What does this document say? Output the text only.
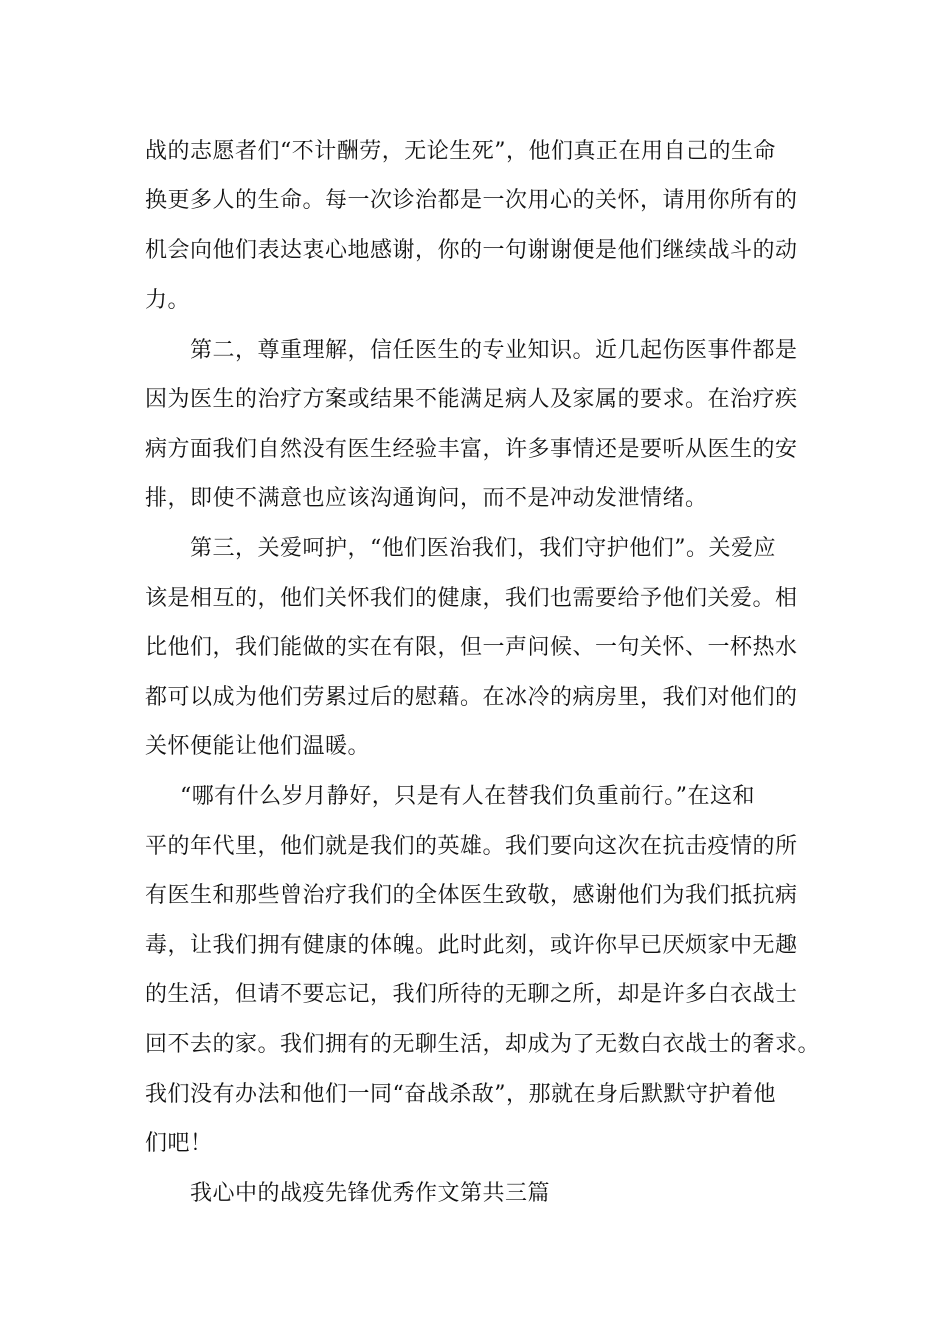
战的志愿者们“不计酬劳，无论生死”，他们真正在用自己的生命
换更多人的生命。每一次诊治都是一次用心的关怀，请用你所有的
机会向他们表达衷心地感谢，你的一句谢谢便是他们继续战斗的动
力。
第二，尊重理解，信任医生的专业知识。近几起伤医事件都是
因为医生的治疗方案或结果不能满足病人及家属的要求。在治疗疾
病方面我们自然没有医生经验丰富，许多事情还是要听从医生的安
排，即使不满意也应该沟通询问，而不是冲动发泄情绪。
第三，关爱呵护，“他们医治我们，我们守护他们”。关爱应
该是相互的，他们关怀我们的健康，我们也需要给予他们关爱。相
比他们，我们能做的实在有限，但一声问候、一句关怀、一杯热水
都可以成为他们劳累过后的慰藉。在冰冷的病房里，我们对他们的
关怀便能让他们温暖。
“哪有什么岁月静好，只是有人在替我们负重前行。”在这和
平的年代里，他们就是我们的英雄。我们要向这次在抗击疫情的所
有医生和那些曾治疗我们的全体医生致敬，感谢他们为我们抵抗病
毒，让我们拥有健康的体魄。此时此刻，或许你早已厌烦家中无趣
的生活，但请不要忘记，我们所待的无聊之所，却是许多白衣战士
回不去的家。我们拥有的无聊生活，却成为了无数白衣战士的奢求。
我们没有办法和他们一同“奋战杀敌”，那就在身后默默守护着他
们吧！
我心中的战疫先锋优秀作文第共三篇
